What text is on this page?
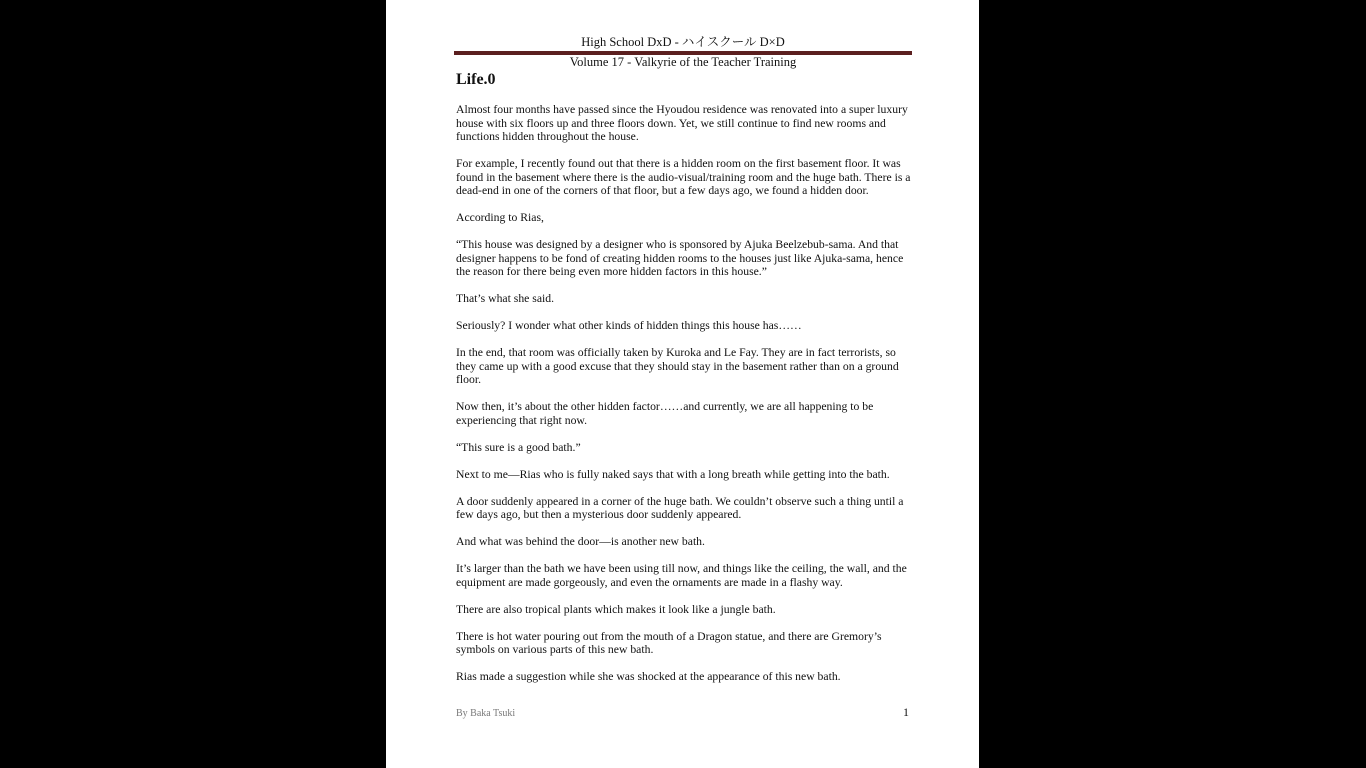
High School DxD - ハイスクール D×D
Volume 17 - Valkyrie of the Teacher Training
Life.0

Almost four months have passed since the Hyoudou residence was renovated into a super luxury house with six floors up and three floors down. Yet, we still continue to find new rooms and functions hidden throughout the house.

For example, I recently found out that there is a hidden room on the first basement floor. It was found in the basement where there is the audio-visual/training room and the huge bath. There is a dead-end in one of the corners of that floor, but a few days ago, we found a hidden door.

According to Rias,

“This house was designed by a designer who is sponsored by Ajuka Beelzebub-sama. And that designer happens to be fond of creating hidden rooms to the houses just like Ajuka-sama, hence the reason for there being even more hidden factors in this house.”

That’s what she said.

Seriously? I wonder what other kinds of hidden things this house has……

In the end, that room was officially taken by Kuroka and Le Fay. They are in fact terrorists, so they came up with a good excuse that they should stay in the basement rather than on a ground floor.

Now then, it’s about the other hidden factor……and currently, we are all happening to be experiencing that right now.

“This sure is a good bath.”

Next to me—Rias who is fully naked says that with a long breath while getting into the bath.

A door suddenly appeared in a corner of the huge bath. We couldn’t observe such a thing until a few days ago, but then a mysterious door suddenly appeared.

And what was behind the door—is another new bath.

It’s larger than the bath we have been using till now, and things like the ceiling, the wall, and the equipment are made gorgeously, and even the ornaments are made in a flashy way.

There are also tropical plants which makes it look like a jungle bath.

There is hot water pouring out from the mouth of a Dragon statue, and there are Gremory’s symbols on various parts of this new bath.

Rias made a suggestion while she was shocked at the appearance of this new bath.

By Baka Tsuki	1
